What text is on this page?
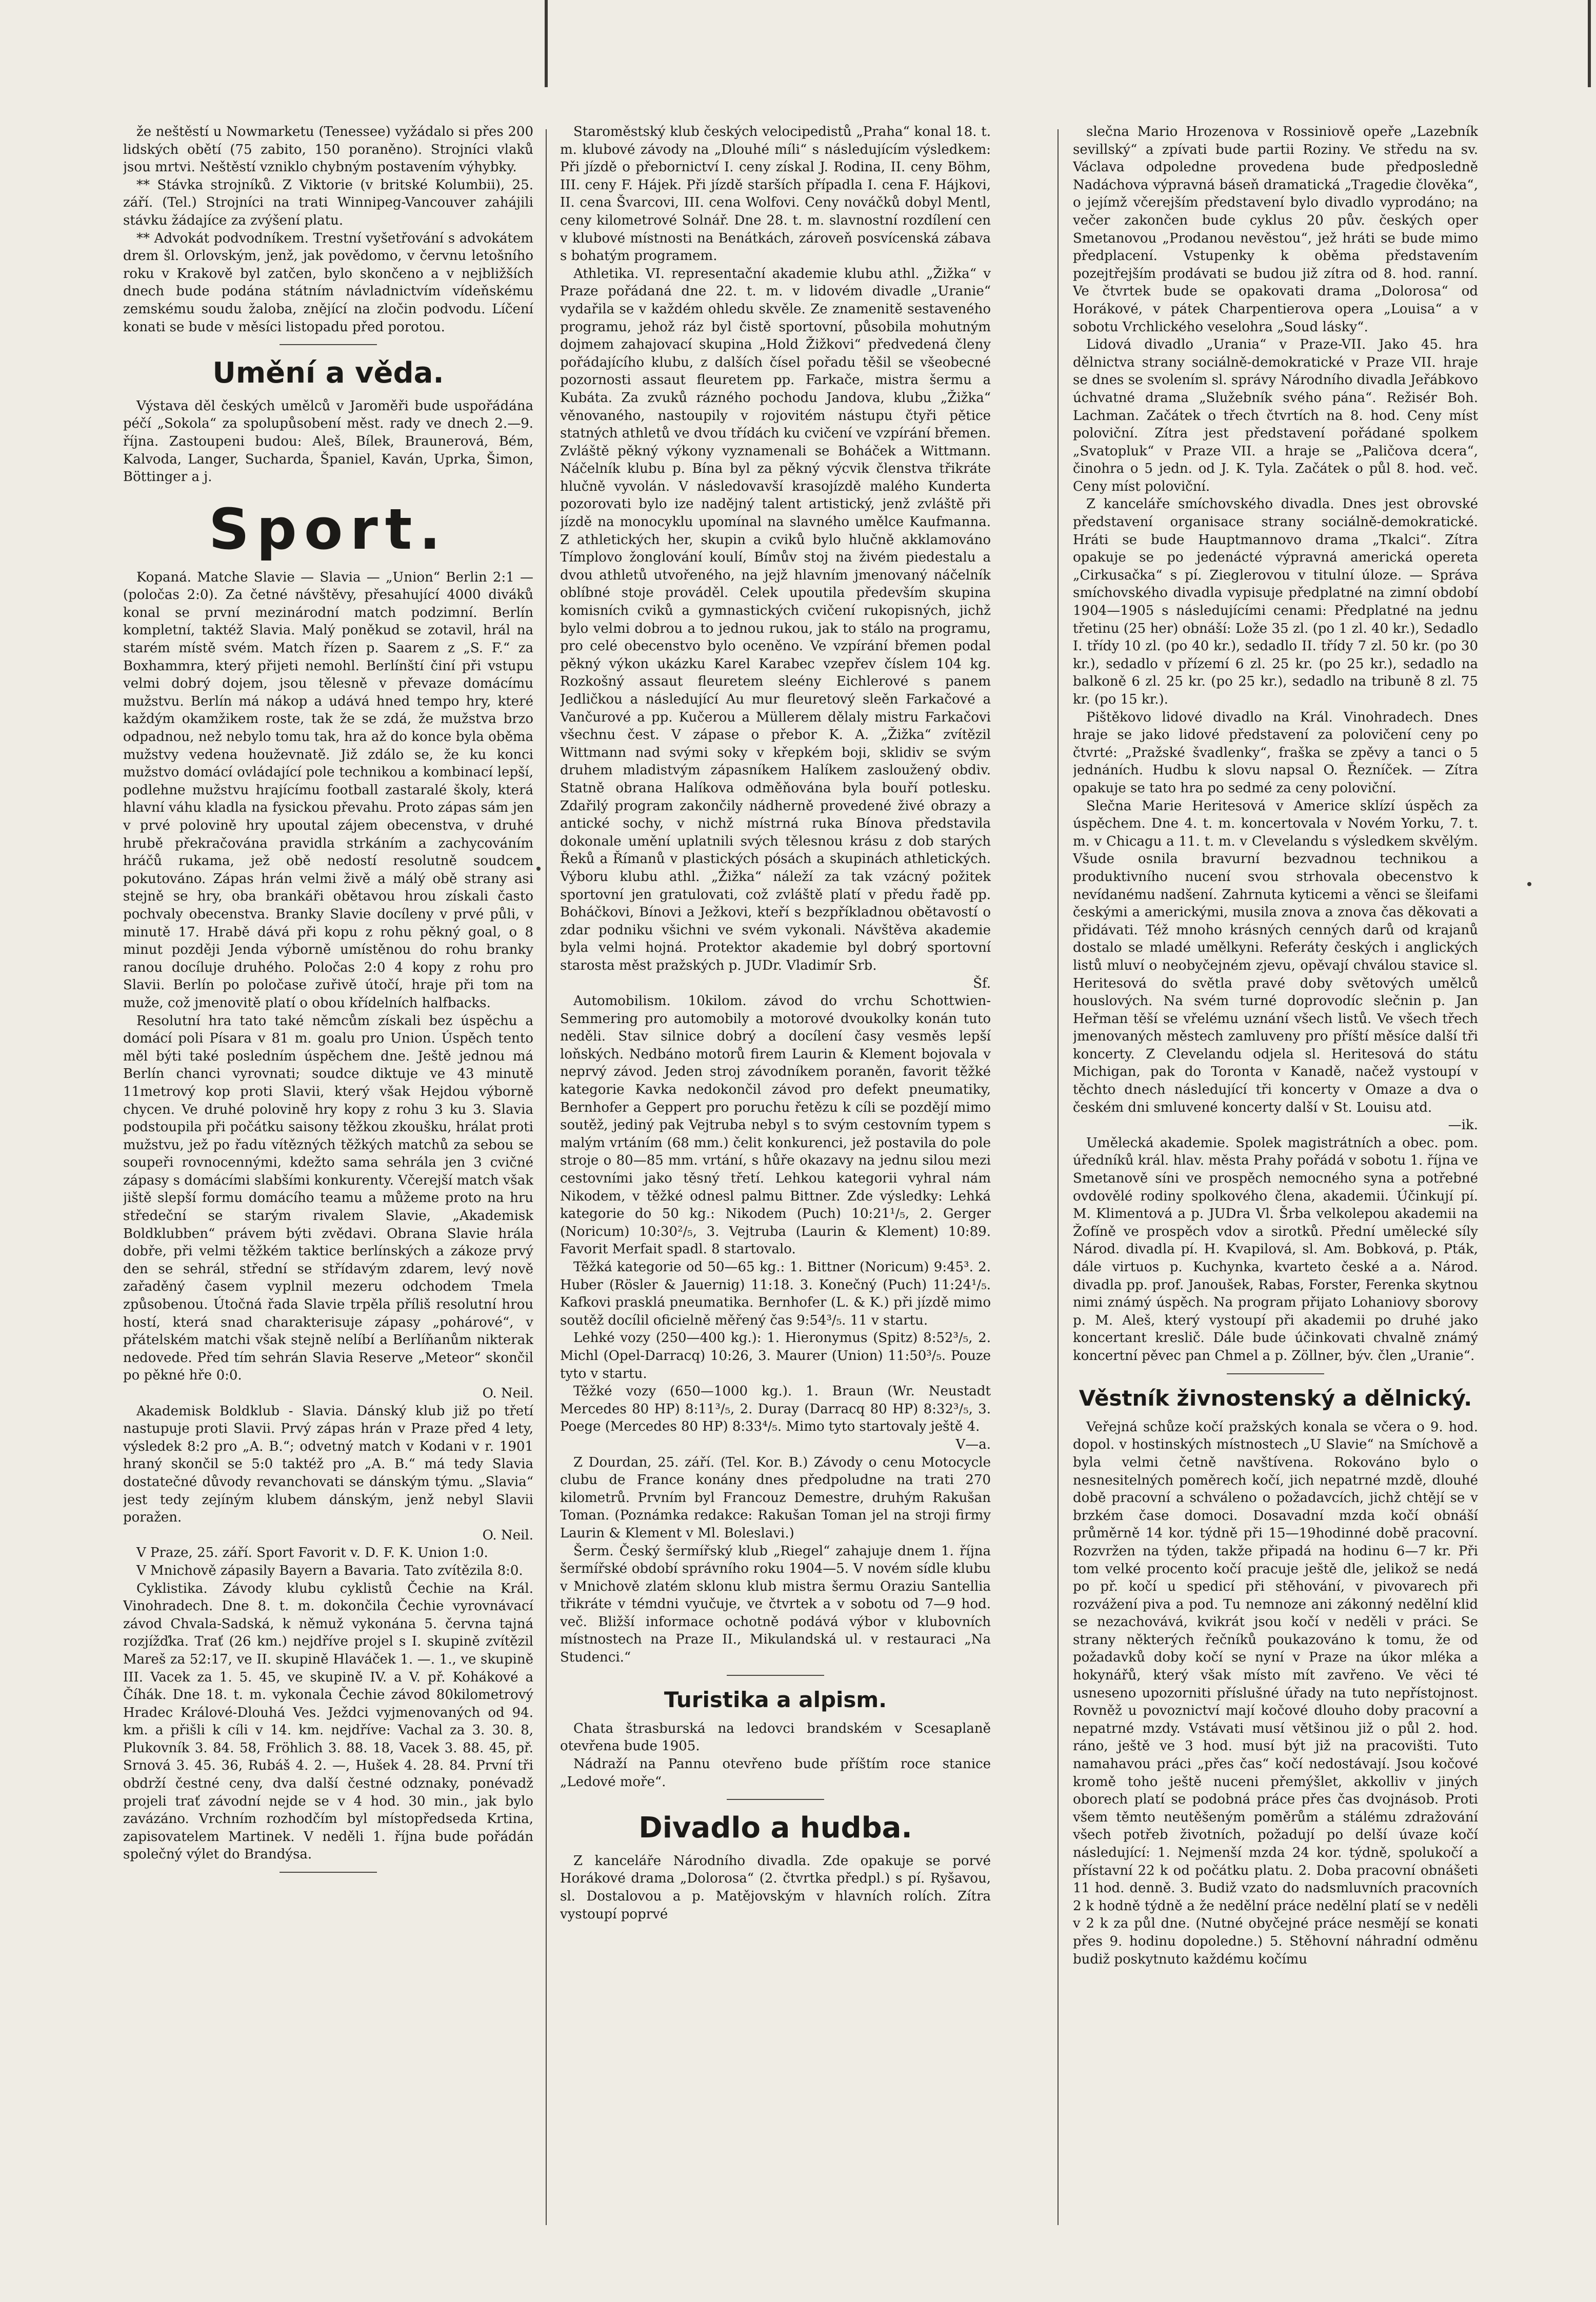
že neštěstí u Nowmarketu (Tenessee) vyžádalo si přes 200 lidských obětí (75 zabito, 150 poraněno). Strojníci vlaků jsou mrtvi. Neštěstí vzniklo chybným postavením výhybky.

** Stávka strojníků. Z Viktorie (v britské Kolumbii), 25. září. (Tel.) Strojníci na trati Winnipeg-Vancouver zahájili stávku žádajíce za zvýšení platu.

** Advokát podvodníkem. Trestní vyšetřování s advokátem drem šl. Orlovským, jenž, jak povědomo, v červnu letošního roku v Krakově byl zatčen, bylo skončeno a v nejbližších dnech bude podána státním návladnictvím vídeňskému zemskému soudu žaloba, znějící na zločin podvodu. Líčení konati se bude v měsíci listopadu před porotou.

Umění a věda.

Výstava děl českých umělců v Jaroměři bude uspořádána péčí „Sokola“ za spolupůsobení měst. rady ve dnech 2.—9. října. Zastoupeni budou: Aleš, Bílek, Braunerová, Bém, Kalvoda, Langer, Sucharda, Španiel, Kaván, Uprka, Šimon, Böttinger a j.

Sport.

Kopaná. Matche Slavie — Slavia — „Union“ Berlin 2:1 — (poločas 2:0). Za četné návštěvy, přesahující 4000 diváků konal se první mezinárodní match podzimní. Berlín kompletní, taktéž Slavia. Malý poněkud se zotavil, hrál na starém místě svém. Match řízen p. Saarem z „S. F.“ za Boxhammra, který přijeti nemohl. Berlínští činí při vstupu velmi dobrý dojem, jsou tělesně v převaze domácímu mužstvu. Berlín má nákop a udává hned tempo hry, které každým okamžikem roste, tak že se zdá, že mužstva brzo odpadnou, než nebylo tomu tak, hra až do konce byla oběma mužstvy vedena houževnatě. Již zdálo se, že ku konci mužstvo domácí ovládající pole technikou a kombinací lepší, podlehne mužstvu hrajícímu football zastaralé školy, která hlavní váhu kladla na fysickou převahu. Proto zápas sám jen v prvé polovině hry upoutal zájem obecenstva, v druhé hrubě překračována pravidla strkáním a zachycováním hráčů rukama, jež obě nedostí resolutně soudcem pokutováno. Zápas hrán velmi živě a málý obě strany asi stejně se hry, oba brankáři obětavou hrou získali často pochvaly obecenstva. Branky Slavie docíleny v prvé půli, v minutě 17. Hrabě dává při kopu z rohu pěkný goal, o 8 minut později Jenda výborně umístěnou do rohu branky ranou docíluje druhého. Poločas 2:0 4 kopy z rohu pro Slavii. Berlín po poločase zuřivě útočí, hraje při tom na muže, což jmenovitě platí o obou křídelních halfbacks.

Resolutní hra tato také němcům získali bez úspěchu a domácí poli Písara v 81 m. goalu pro Union. Úspěch tento měl býti také posledním úspěchem dne. Ještě jednou má Berlín chanci vyrovnati; soudce diktuje ve 43 minutě 11metrový kop proti Slavii, který však Hejdou výborně chycen. Ve druhé polovině hry kopy z rohu 3 ku 3. Slavia podstoupila při počátku saisony těžkou zkoušku, hrálat proti mužstvu, jež po řadu vítězných těžkých matchů za sebou se soupeři rovnocennými, kdežto sama sehrála jen 3 cvičné zápasy s domácími slabšími konkurenty. Včerejší match však jiště slepší formu domácího teamu a můžeme proto na hru středeční se starým rivalem Slavie, „Akademisk Boldklubben“ právem býti zvědavi. Obrana Slavie hrála dobře, při velmi těžkém taktice berlínských a zákoze prvý den se sehrál, střední se střídavým zdarem, levý nově zařaděný časem vyplnil mezeru odchodem Tmela způsobenou. Útočná řada Slavie trpěla příliš resolutní hrou hostí, která snad charakterisuje zápasy „pohárové“, v přátelském matchi však stejně nelíbí a Berlíňanům nikterak nedovede. Před tím sehrán Slavia Reserve „Meteor“ skončil po pěkné hře 0:0.

O. Neil.

Akademisk Boldklub - Slavia. Dánský klub již po třetí nastupuje proti Slavii. Prvý zápas hrán v Praze před 4 lety, výsledek 8:2 pro „A. B.“; odvetný match v Kodani v r. 1901 hraný skončil se 5:0 taktéž pro „A. B.“ má tedy Slavia dostatečné důvody revanchovati se dánským týmu. „Slavia“ jest tedy zejíným klubem dánským, jenž nebyl Slavii poražen.

O. Neil.

V Praze, 25. září. Sport Favorit v. D. F. K. Union 1:0.

V Mnichově zápasily Bayern a Bavaria. Tato zvítězila 8:0.

Cyklistika. Závody klubu cyklistů Čechie na Král. Vinohradech. Dne 8. t. m. dokončila Čechie vyrovnávací závod Chvala-Sadská, k němuž vykonána 5. června tajná rozjížďka. Trať (26 km.) nejdříve projel s I. skupině zvítězil Mareš za 52:17, ve II. skupině Hlaváček 1. —. 1., ve skupině III. Vacek za 1. 5. 45, ve skupině IV. a V. př. Kohákové a Číhák. Dne 18. t. m. vykonala Čechie závod 80kilometrový Hradec Králové-Dlouhá Ves. Ježdci vyjmenovaných od 94. km. a přišli k cíli v 14. km. nejdříve: Vachal za 3. 30. 8, Plukovník 3. 84. 58, Fröhlich 3. 88. 18, Vacek 3. 88. 45, př. Srnová 3. 45. 36, Rubáš 4. 2. —, Hušek 4. 28. 84. První tři obdrží čestné ceny, dva další čestné odznaky, ponévadž projeli trať závodní nejde se v 4 hod. 30 min., jak bylo zavázáno. Vrchním rozhodčím byl místopředseda Krtina, zapisovatelem Martinek. V neděli 1. října bude pořádán společný výlet do Brandýsa.

Staroměstský klub českých velocipedistů „Praha“ konal 18. t. m. klubové závody na „Dlouhé míli“ s následujícím výsledkem: Při jízdě o přebornictví I. ceny získal J. Rodina, II. ceny Böhm, III. ceny F. Hájek. Při jízdě starších případla I. cena F. Hájkovi, II. cena Švarcovi, III. cena Wolfovi. Ceny nováčků dobyl Mentl, ceny kilometrové Solnář. Dne 28. t. m. slavnostní rozdílení cen v klubové místnosti na Benátkách, zároveň posvícenská zábava s bohatým programem.

Athletika. VI. representační akademie klubu athl. „Žižka“ v Praze pořádaná dne 22. t. m. v lidovém divadle „Uranie“ vydařila se v každém ohledu skvěle. Ze znamenitě sestaveného programu, jehož ráz byl čistě sportovní, působila mohutným dojmem zahajovací skupina „Hold Žižkovi“ předvedená členy pořádajícího klubu, z dalších čísel pořadu těšil se všeobecné pozornosti assaut fleuretem pp. Farkače, mistra šermu a Kubáta. Za zvuků rázného pochodu Jandova, klubu „Žižka“ věnovaného, nastoupily v rojovitém nástupu čtyři pětice statných athletů ve dvou třídách ku cvičení ve vzpírání břemen. Zvláště pěkný výkony vyznamenali se Boháček a Wittmann. Náčelník klubu p. Bína byl za pěkný výcvik členstva třikráte hlučně vyvolán. V následovavší krasojízdě malého Kunderta pozorovati bylo ize nadějný talent artistický, jenž zvláště při jízdě na monocyklu upomínal na slavného umělce Kaufmanna. Z athletických her, skupin a cviků bylo hlučně akklamováno Tímplovo žonglování koulí, Bímův stoj na živém piedestalu a dvou athletů utvořeného, na jejž hlavním jmenovaný náčelník oblíbné stoje prováděl. Celek upoutila především skupina komisních cviků a gymnastických cvičení rukopisných, jichž bylo velmi dobrou a to jednou rukou, jak to stálo na programu, pro celé obecenstvo bylo oceněno. Ve vzpírání břemen podal pěkný výkon ukázku Karel Karabec vzepřev číslem 104 kg. Rozkošný assaut fleuretem sleény Eichlerové s panem Jedličkou a následující Au mur fleuretový sleěn Farkačové a Vančurové a pp. Kučerou a Müllerem dělaly mistru Farkačovi všechnu čest. V zápase o přebor K. A. „Žižka“ zvítězil Wittmann nad svými soky v křepkém boji, sklidiv se svým druhem mladistvým zápasníkem Halíkem zasloužený obdiv. Statně obrana Halíkova odměňována byla bouří potlesku. Zdařilý program zakončily nádherně provedené živé obrazy a antické sochy, v nichž místrná ruka Bínova představila dokonale umění uplatnili svých tělesnou krásu z dob starých Řeků a Římanů v plastických pósách a skupinách athletických. Výboru klubu athl. „Žižka“ náleží za tak vzácný požitek sportovní jen gratulovati, což zvláště platí v předu řadě pp. Boháčkovi, Bínovi a Ježkovi, kteří s bezpříkladnou obětavostí o zdar podniku všichni ve svém vykonali. Návštěva akademie byla velmi hojná. Protektor akademie byl dobrý sportovní starosta měst pražských p. JUDr. Vladimír Srb.

Šf.

Automobilism. 10kilom. závod do vrchu Schottwien-Semmering pro automobily a motorové dvoukolky konán tuto neděli. Stav silnice dobrý a docílení časy vesměs lepší loňských. Nedbáno motorů firem Laurin & Klement bojovala v neprvý závod. Jeden stroj závodníkem poraněn, favorit těžké kategorie Kavka nedokončil závod pro defekt pneumatiky, Bernhofer a Geppert pro poruchu řetězu k cíli se pozdějí mimo soutěž, jediný pak Vejtruba nebyl s to svým cestovním typem s malým vrtáním (68 mm.) čelit konkurenci, jež postavila do pole stroje o 80—85 mm. vrtání, s hůře okazavy na jednu silou mezi cestovními jako těsný třetí. Lehkou kategorii vyhral nám Nikodem, v těžké odnesl palmu Bittner. Zde výsledky: Lehká kategorie do 50 kg.: Nikodem (Puch) 10:21¹/₅, 2. Gerger (Noricum) 10:30²/₅, 3. Vejtruba (Laurin & Klement) 10:89. Favorit Merfait spadl. 8 startovalo.

Těžká kategorie od 50—65 kg.: 1. Bittner (Noricum) 9:45³. 2. Huber (Rösler & Jauernig) 11:18. 3. Konečný (Puch) 11:24¹/₅. Kafkovi prasklá pneumatika. Bernhofer (L. & K.) při jízdě mimo soutěž docílil oficielně měřený čas 9:54³/₅. 11 v startu.

Lehké vozy (250—400 kg.): 1. Hieronymus (Spitz) 8:52³/₅, 2. Michl (Opel-Darracq) 10:26, 3. Maurer (Union) 11:50³/₅. Pouze tyto v startu.

Těžké vozy (650—1000 kg.). 1. Braun (Wr. Neustadt Mercedes 80 HP) 8:11³/₅, 2. Duray (Darracq 80 HP) 8:32³/₅, 3. Poege (Mercedes 80 HP) 8:33⁴/₅. Mimo tyto startovaly ještě 4.

V—a.

Z Dourdan, 25. září. (Tel. Kor. B.) Závody o cenu Motocycle clubu de France konány dnes předpoludne na trati 270 kilometrů. Prvním byl Francouz Demestre, druhým Rakušan Toman. (Poznámka redakce: Rakušan Toman jel na stroji firmy Laurin & Klement v Ml. Boleslavi.)

Šerm. Český šermířský klub „Riegel“ zahajuje dnem 1. října šermířské období správního roku 1904—5. V novém sídle klubu v Mnichově zlatém sklonu klub mistra šermu Oraziu Santellia třikráte v témdni vyučuje, ve čtvrtek a v sobotu od 7—9 hod. več. Bližší informace ochotně podává výbor v klubovních místnostech na Praze II., Mikulandská ul. v restauraci „Na Studenci.“

Turistika a alpism.

Chata štrasburská na ledovci brandském v Scesaplaně otevřena bude 1905.

Nádraží na Pannu otevřeno bude příštím roce stanice „Ledové moře“.

Divadlo a hudba.

Z kanceláře Národního divadla. Zde opakuje se porvé Horákové drama „Dolorosa“ (2. čtvrtka předpl.) s pí. Ryšavou, sl. Dostalovou a p. Matějovským v hlavních rolích. Zítra vystoupí poprvé

slečna Mario Hrozenova v Rossiniově opeře „Lazebník sevillský“ a zpívati bude partii Roziny. Ve středu na sv. Václava odpoledne provedena bude předposledně Nadáchova výpravná báseň dramatická „Tragedie člověka“, o jejímž včerejším představení bylo divadlo vyprodáno; na večer zakončen bude cyklus 20 pův. českých oper Smetanovou „Prodanou nevěstou“, jež hráti se bude mimo předplacení. Vstupenky k oběma představením pozejtřejším prodávati se budou již zítra od 8. hod. ranní. Ve čtvrtek bude se opakovati drama „Dolorosa“ od Horákové, v pátek Charpentierova opera „Louisa“ a v sobotu Vrchlického veselohra „Soud lásky“.

Lidová divadlo „Urania“ v Praze-VII. Jako 45. hra dělnictva strany sociálně-demokratické v Praze VII. hraje se dnes se svolením sl. správy Národního divadla Jeřábkovo úchvatné drama „Služebník svého pána“. Režisér Boh. Lachman. Začátek o třech čtvrtích na 8. hod. Ceny míst poloviční. Zítra jest představení pořádané spolkem „Svatopluk“ v Praze VII. a hraje se „Paličova dcera“, činohra o 5 jedn. od J. K. Tyla. Začátek o půl 8. hod. več. Ceny míst poloviční.

Z kanceláře smíchovského divadla. Dnes jest obrovské představení organisace strany sociálně-demokratické. Hráti se bude Hauptmannovo drama „Tkalci“. Zítra opakuje se po jedenácté výpravná americká opereta „Cirkusačka“ s pí. Zieglerovou v titulní úloze. — Správa smíchovského divadla vypisuje předplatné na zimní období 1904—1905 s následujícími cenami: Předplatné na jednu třetinu (25 her) obnáší: Lože 35 zl. (po 1 zl. 40 kr.), Sedadlo I. třídy 10 zl. (po 40 kr.), sedadlo II. třídy 7 zl. 50 kr. (po 30 kr.), sedadlo v přízemí 6 zl. 25 kr. (po 25 kr.), sedadlo na balkoně 6 zl. 25 kr. (po 25 kr.), sedadlo na tribuně 8 zl. 75 kr. (po 15 kr.).

Pištěkovo lidové divadlo na Král. Vinohradech. Dnes hraje se jako lidové představení za polovičení ceny po čtvrté: „Pražské švadlenky“, fraška se zpěvy a tanci o 5 jednáních. Hudbu k slovu napsal O. Řezníček. — Zítra opakuje se tato hra po sedmé za ceny poloviční.

Slečna Marie Heritesová v Americe sklízí úspěch za úspěchem. Dne 4. t. m. koncertovala v Novém Yorku, 7. t. m. v Chicagu a 11. t. m. v Clevelandu s výsledkem skvělým. Všude osnila bravurní bezvadnou technikou a produktivního nucení svou strhovala obecenstvo k nevídanému nadšení. Zahrnuta kyticemi a věnci se šleifami českými a americkými, musila znova a znova čas děkovati a přidávati. Též mnoho krásných cenných darů od krajanů dostalo se mladé umělkyni. Referáty českých i anglických listů mluví o neobyčejném zjevu, opěvají chválou stavice sl. Heritesová do světla pravé doby světových umělců houslových. Na svém turné doprovodíc slečnin p. Jan Heřman těší se vřelému uznání všech listů. Ve všech třech jmenovaných městech zamluveny pro příští měsíce další tři koncerty. Z Clevelandu odjela sl. Heritesová do státu Michigan, pak do Toronta v Kanadě, načež vystoupí v těchto dnech následující tři koncerty v Omaze a dva o českém dni smluvené koncerty další v St. Louisu atd.

—ik.

Umělecká akademie. Spolek magistrátních a obec. pom. úředníků král. hlav. města Prahy pořádá v sobotu 1. října ve Smetanově síni ve prospěch nemocného syna a potřebné ovdovělé rodiny spolkového člena, akademii. Účinkují pí. M. Klimentová a p. JUDra Vl. Šrba velkolepou akademii na Žofíně ve prospěch vdov a sirotků. Přední umělecké síly Národ. divadla pí. H. Kvapilová, sl. Am. Bobková, p. Pták, dále virtuos p. Kuchynka, kvarteto české a a. Národ. divadla pp. prof. Janoušek, Rabas, Forster, Ferenka skytnou nimi známý úspěch. Na program přijato Lohaniovy sborovy p. M. Aleš, který vystoupí při akademii po druhé jako koncertant kreslič. Dále bude účinkovati chvalně známý koncertní pěvec pan Chmel a p. Zöllner, býv. člen „Uranie“.

Věstník živnostenský a dělnický.

Veřejná schůze kočí pražských konala se včera o 9. hod. dopol. v hostinských místnostech „U Slavie“ na Smíchově a byla velmi četně navštívena. Rokováno bylo o nesnesitelných poměrech kočí, jich nepatrné mzdě, dlouhé době pracovní a schváleno o požadavcích, jichž chtějí se v brzkém čase domoci. Dosavadní mzda kočí obnáší průměrně 14 kor. týdně při 15—19hodinné době pracovní. Rozvržen na týden, takže připadá na hodinu 6—7 kr. Při tom velké procento kočí pracuje ještě dle, jelikož se nedá po př. kočí u spedicí při stěhování, v pivovarech při rozvážení piva a pod. Tu nemnoze ani zákonný nedělní klid se nezachovává, kvikrát jsou kočí v neděli v práci. Se strany některých řečníků poukazováno k tomu, že od požadavků doby kočí se nyní v Praze na úkor mléka a hokynářů, který však místo mít zavřeno. Ve věci té usneseno upozorniti příslušné úřady na tuto nepřístojnost. Rovněž u povoznictví mají kočové dlouho doby pracovní a nepatrné mzdy. Vstávati musí většinou již o půl 2. hod. ráno, ještě ve 3 hod. musí být již na pracovišti. Tuto namahavou práci „přes čas“ kočí nedostávají. Jsou kočové kromě toho ještě nuceni přemýšlet, akkolliv v jiných oborech platí se podobná práce přes čas dvojnásob. Proti všem těmto neutěšeným poměrům a stálému zdražování všech potřeb životních, požadují po delší úvaze kočí následující: 1. Nejmenší mzda 24 kor. týdně, spolukočí a přístavní 22 k od počátku platu. 2. Doba pracovní obnášeti 11 hod. denně. 3. Budiž vzato do nadsmluvních pracovních 2 k hodně týdně a že nedělní práce nedělní platí se v neděli v 2 k za půl dne. (Nutné obyčejné práce nesmějí se konati přes 9. hodinu dopoledne.) 5. Stěhovní náhradní odměnu budiž poskytnuto každému kočímu
